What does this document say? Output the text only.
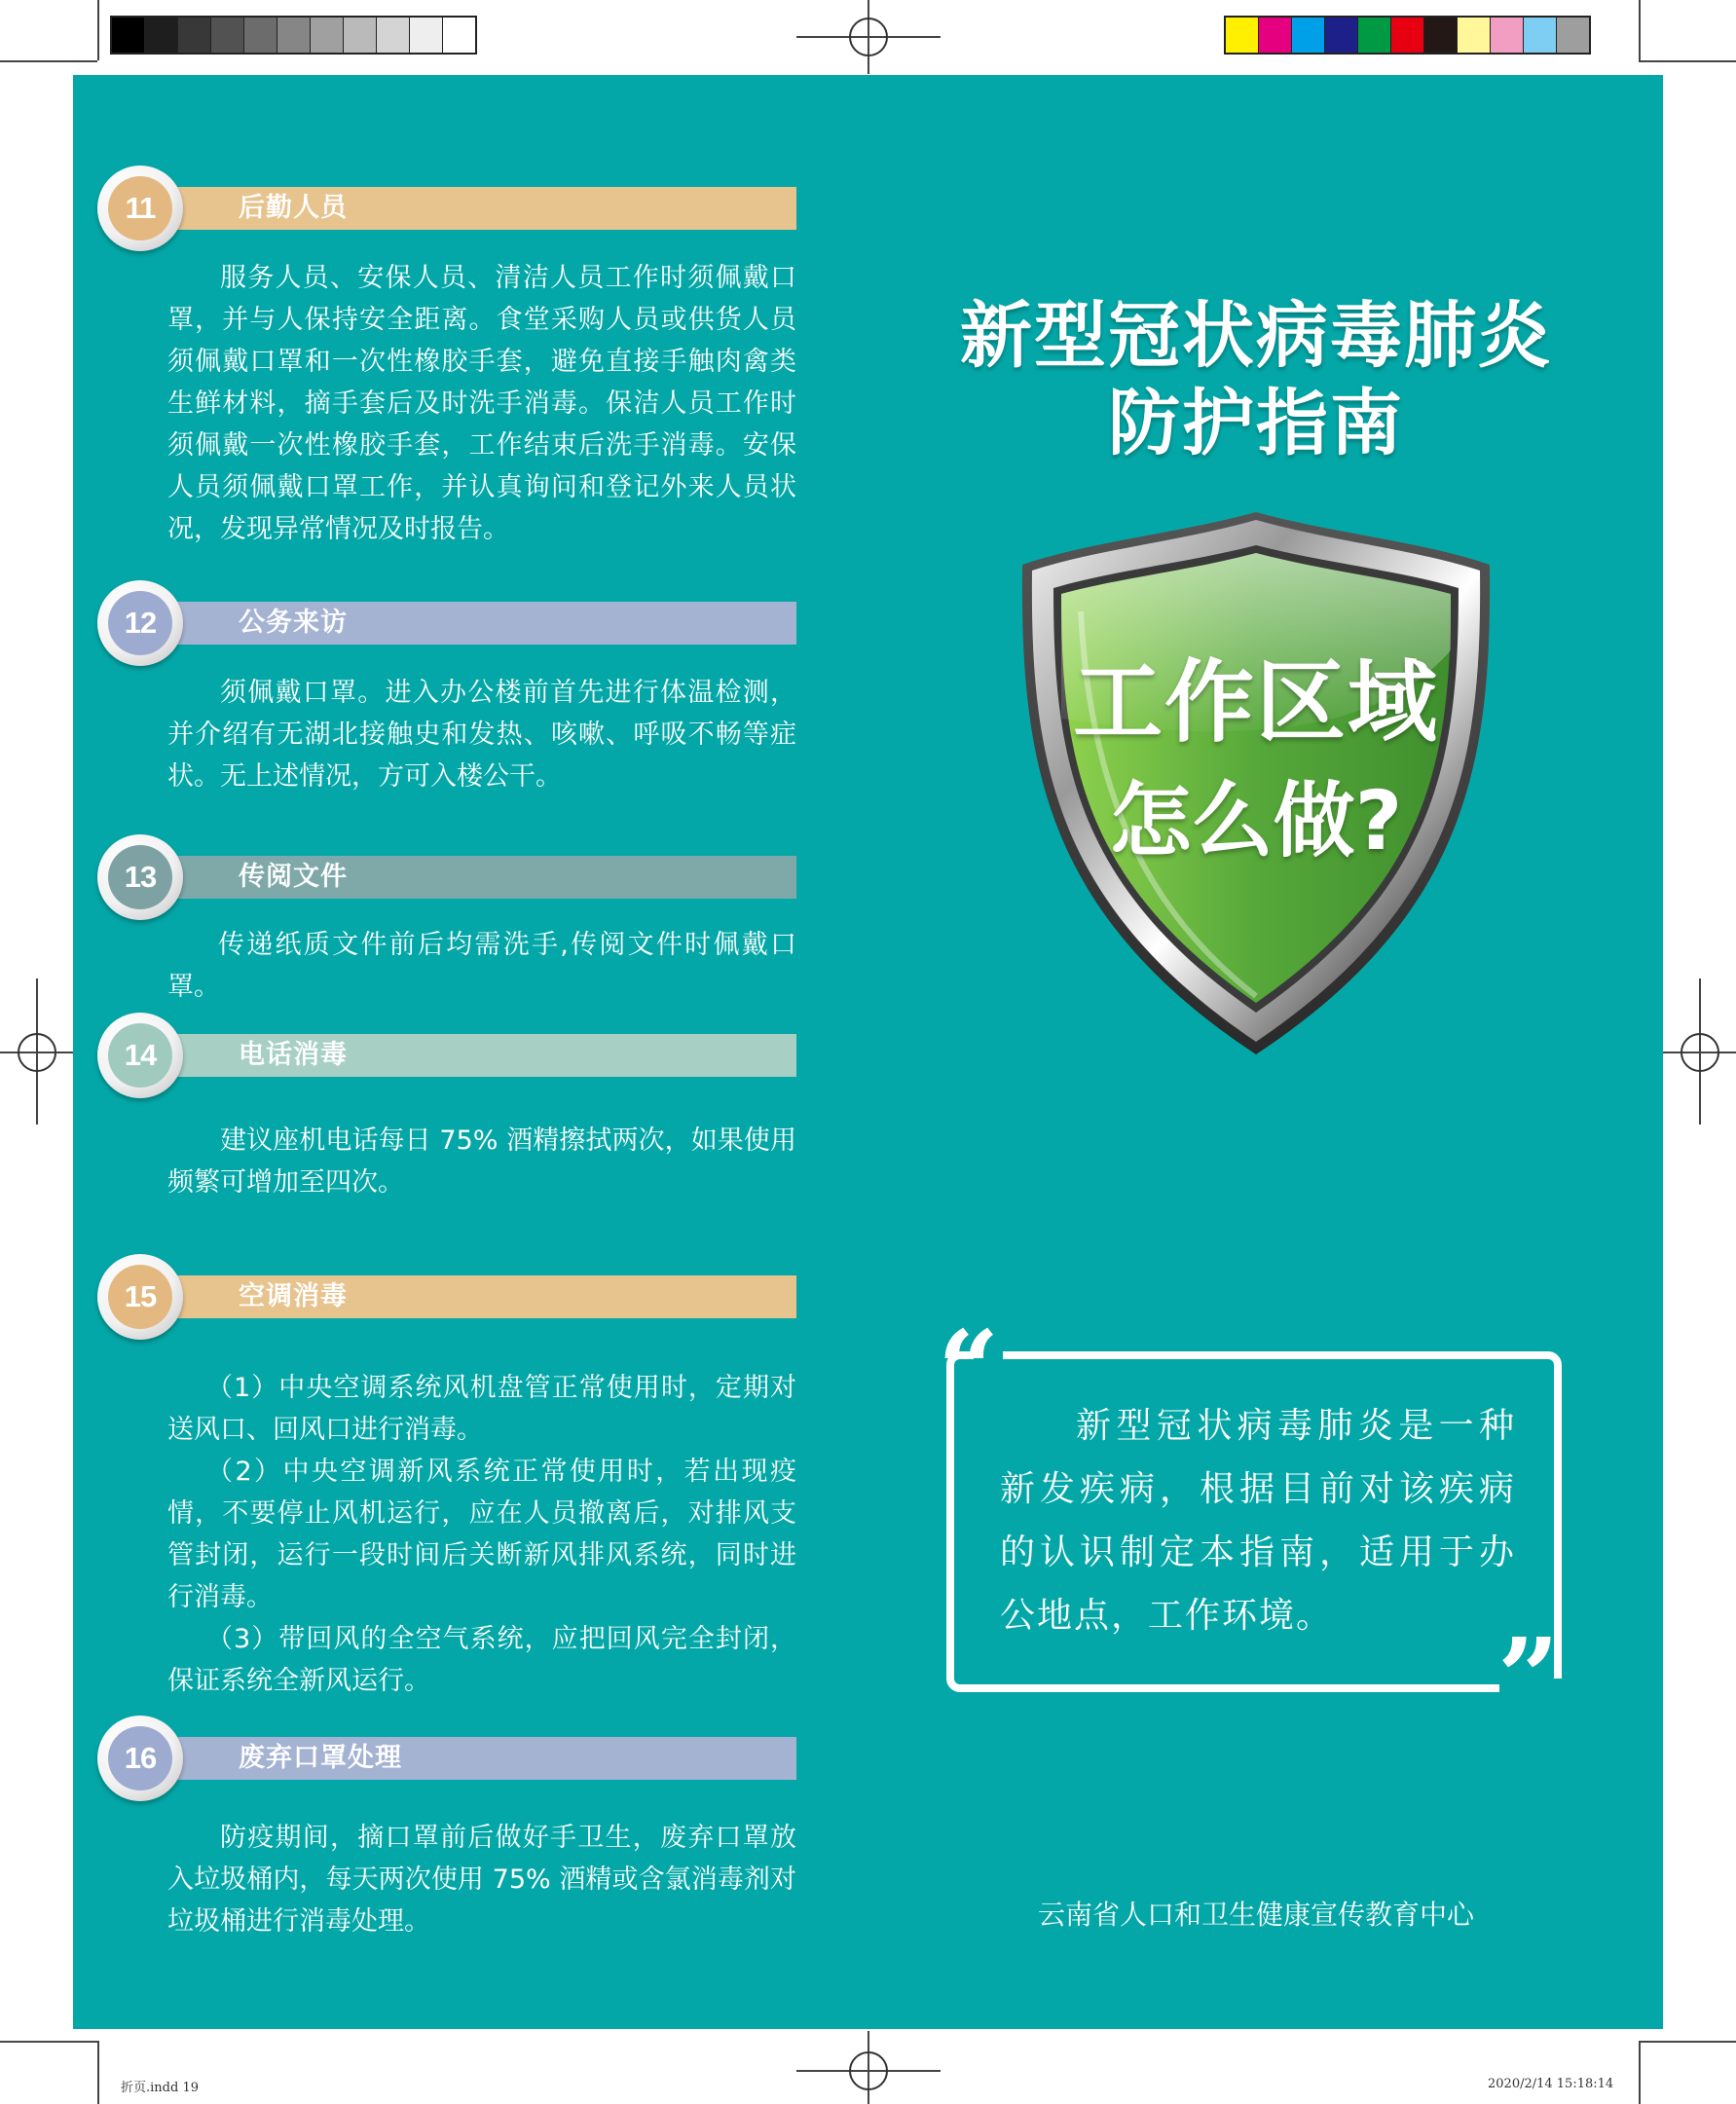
折页.indd 19	2020/2/14 15:18:14
11	后勤人员

服务人员、安保人员、清洁人员工作时须佩戴口罩，并与人保持安全距离。食堂采购人员或供货人员须佩戴口罩和一次性橡胶手套，避免直接手触肉禽类生鲜材料，摘手套后及时洗手消毒。保洁人员工作时须佩戴一次性橡胶手套，工作结束后洗手消毒。安保人员须佩戴口罩工作，并认真询问和登记外来人员状况，发现异常情况及时报告。

12	公务来访

须佩戴口罩。进入办公楼前首先进行体温检测，并介绍有无湖北接触史和发热、咳嗽、呼吸不畅等症状。无上述情况，方可入楼公干。

13	传阅文件

传递纸质文件前后均需洗手,传阅文件时佩戴口罩。

14	电话消毒

建议座机电话每日 75% 酒精擦拭两次，如果使用频繁可增加至四次。

15	空调消毒

（1）中央空调系统风机盘管正常使用时，定期对送风口、回风口进行消毒。

（2）中央空调新风系统正常使用时，若出现疫情，不要停止风机运行，应在人员撤离后，对排风支管封闭，运行一段时间后关断新风排风系统，同时进行消毒。

（3）带回风的全空气系统，应把回风完全封闭，保证系统全新风运行。

16	废弃口罩处理

防疫期间，摘口罩前后做好手卫生，废弃口罩放入垃圾桶内，每天两次使用 75% 酒精或含氯消毒剂对垃圾桶进行消毒处理。

新型冠状病毒肺炎
防护指南
工作区域
怎么做?
“
”
新型冠状病毒肺炎是一种新发疾病，根据目前对该疾病的认识制定本指南，适用于办公地点，工作环境。
云南省人口和卫生健康宣传教育中心
